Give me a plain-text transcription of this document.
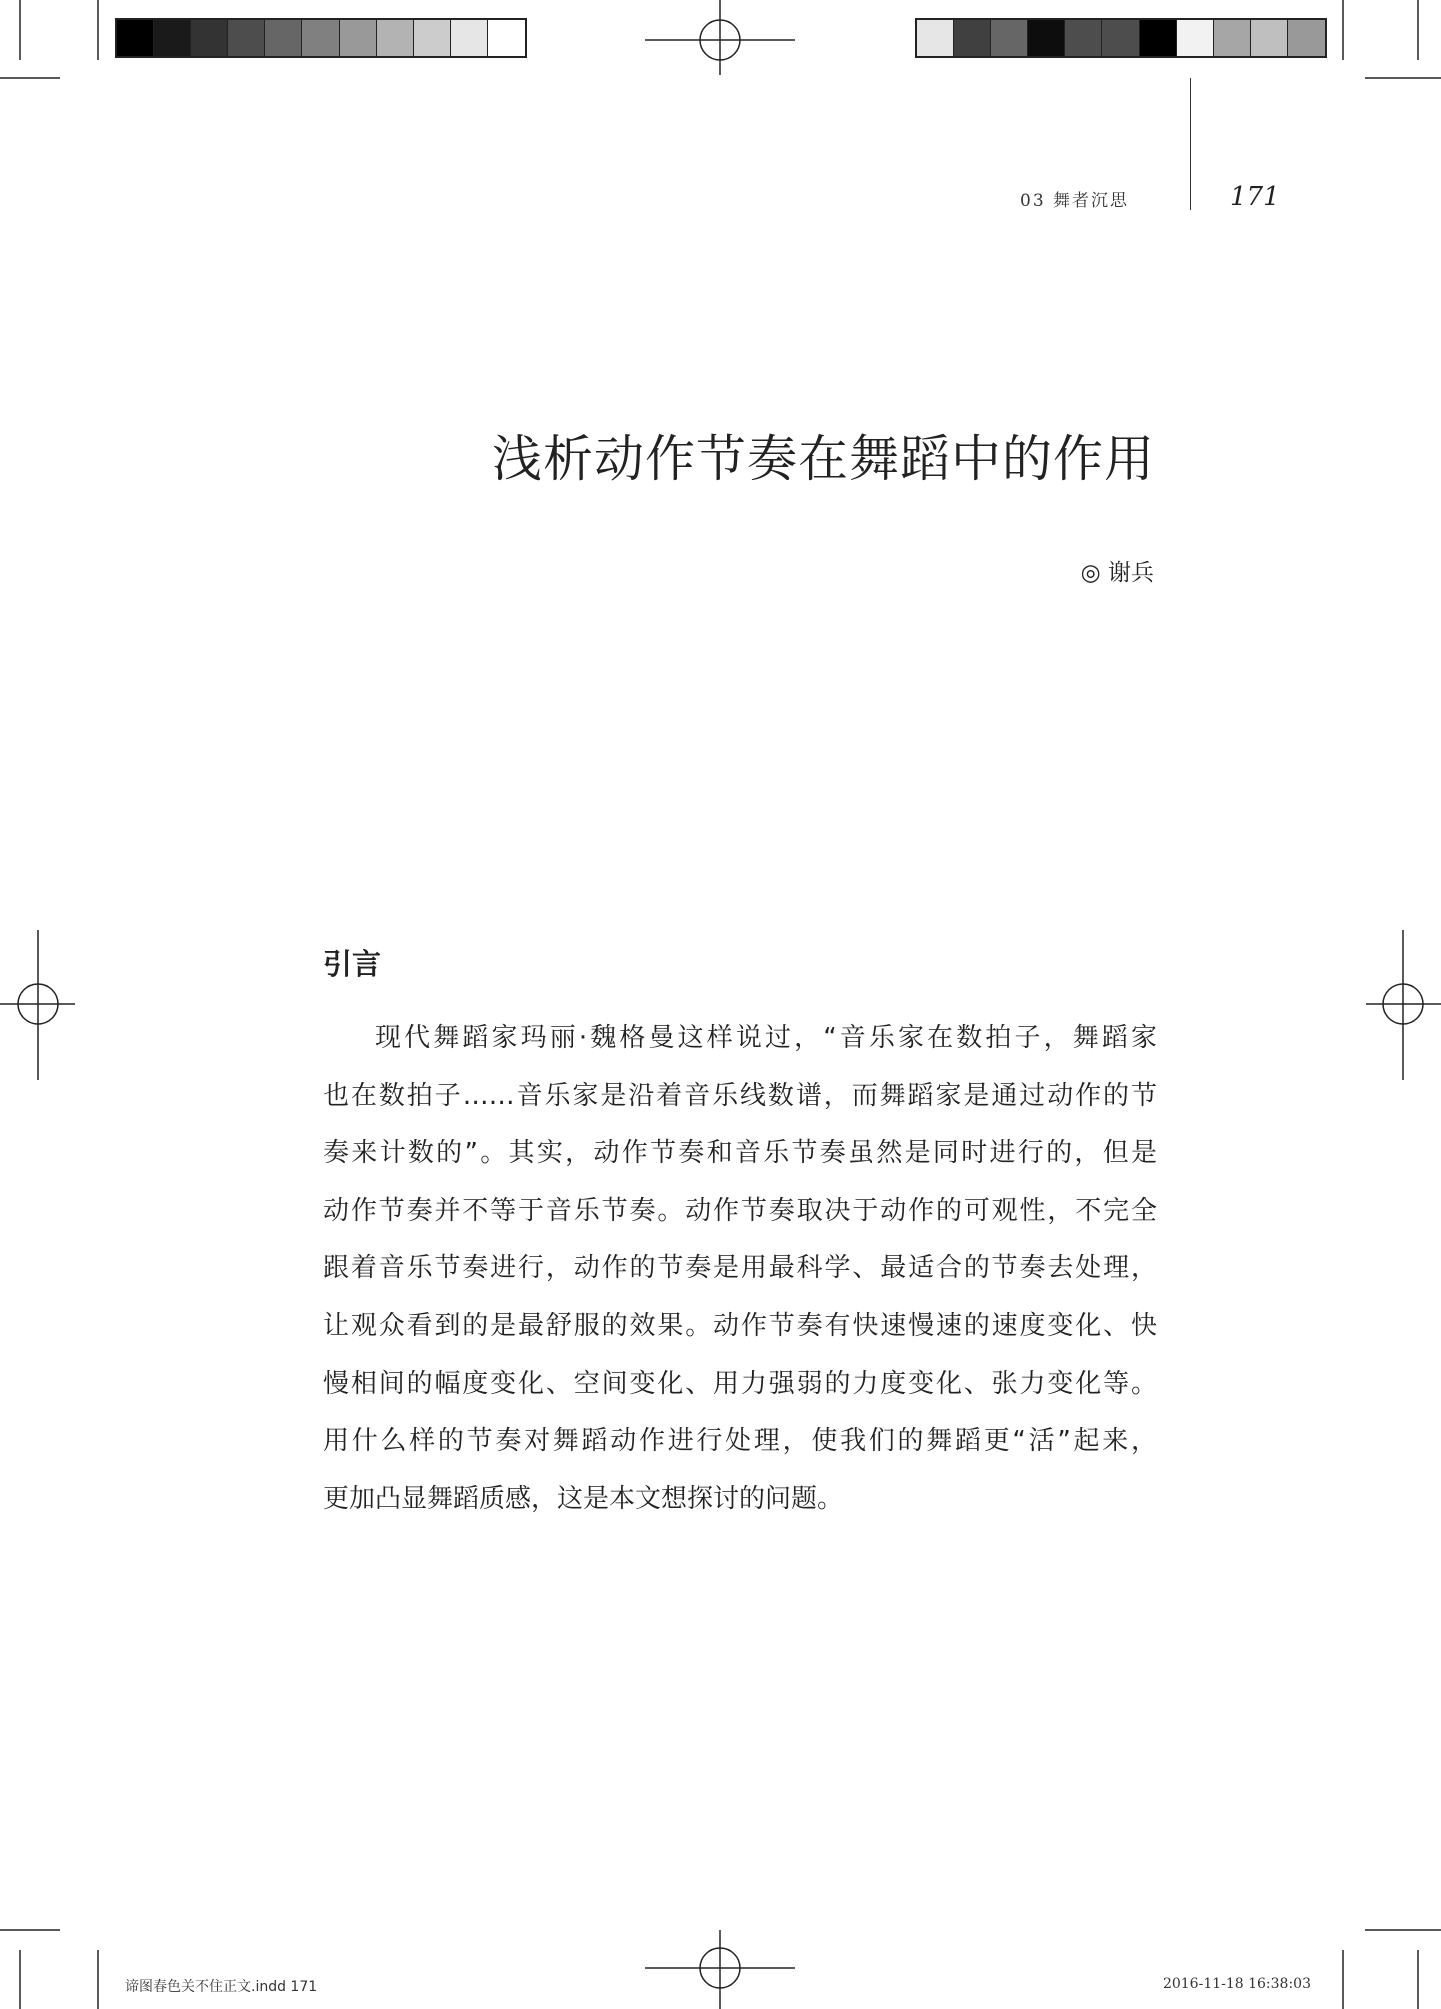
03 舞者沉思	171
浅析动作节奏在舞蹈中的作用
◎ 谢兵
引言
现代舞蹈家玛丽·魏格曼这样说过，“音乐家在数拍子，舞蹈家
也在数拍子……音乐家是沿着音乐线数谱，而舞蹈家是通过动作的节
奏来计数的”。其实，动作节奏和音乐节奏虽然是同时进行的，但是
动作节奏并不等于音乐节奏。动作节奏取决于动作的可观性，不完全
跟着音乐节奏进行，动作的节奏是用最科学、最适合的节奏去处理，
让观众看到的是最舒服的效果。动作节奏有快速慢速的速度变化、快
慢相间的幅度变化、空间变化、用力强弱的力度变化、张力变化等。
用什么样的节奏对舞蹈动作进行处理，使我们的舞蹈更“活”起来，
更加凸显舞蹈质感，这是本文想探讨的问题。
谛图春色关不住正文.indd 171	2016-11-18 16:38:03
